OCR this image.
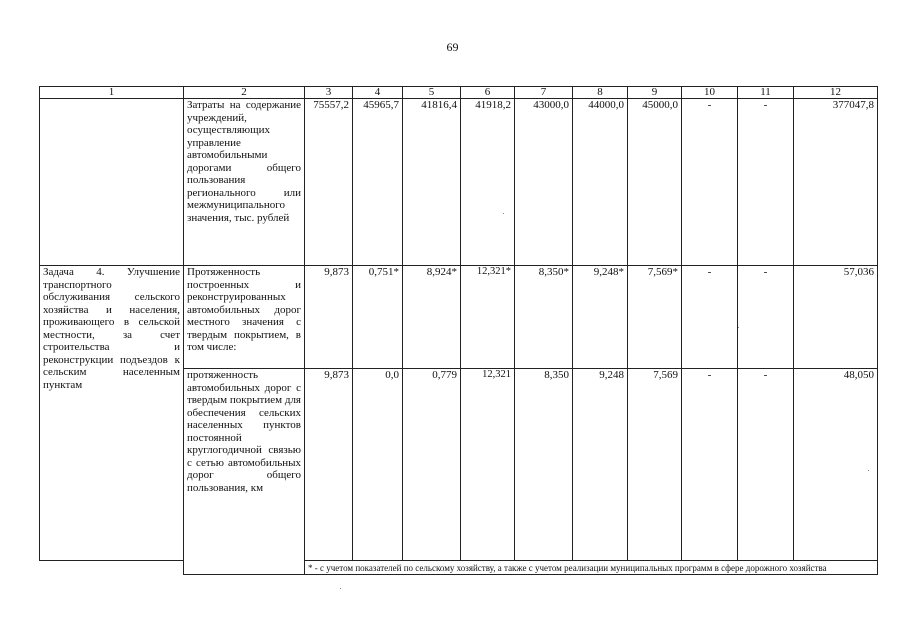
69
1	2	3	4	5	6	7	8	9	10	11	12
	Затраты на содержание учреждений, осуществляющих управление автомобильными дорогами общего пользования регионального или межмуниципального значения, тыс. рублей	75557,2	45965,7	41816,4	41918,2	43000,0	44000,0	45000,0	-	-	377047,8
Задача 4. Улучшение транспортного обслуживания сельского хозяйства и населения, проживающего в сельской местности, за счет строительства и реконструкции подъездов к сельским населенным пунктам	Протяженность построенных и реконструированных автомобильных дорог местного значения с твердым покрытием, в том числе:	9,873	0,751*	8,924*	12,321*	8,350*	9,248*	7,569*	-	-	57,036
	протяженность автомобильных дорог с твердым покрытием для обеспечения сельских населенных пунктов постоянной круглогодичной связью с сетью автомобильных дорог общего пользования, км	9,873	0,0	0,779	12,321	8,350	9,248	7,569	-	-	48,050
		* - с учетом показателей по сельскому хозяйству, а также с учетом реализации муниципальных программ в сфере дорожного хозяйства									
